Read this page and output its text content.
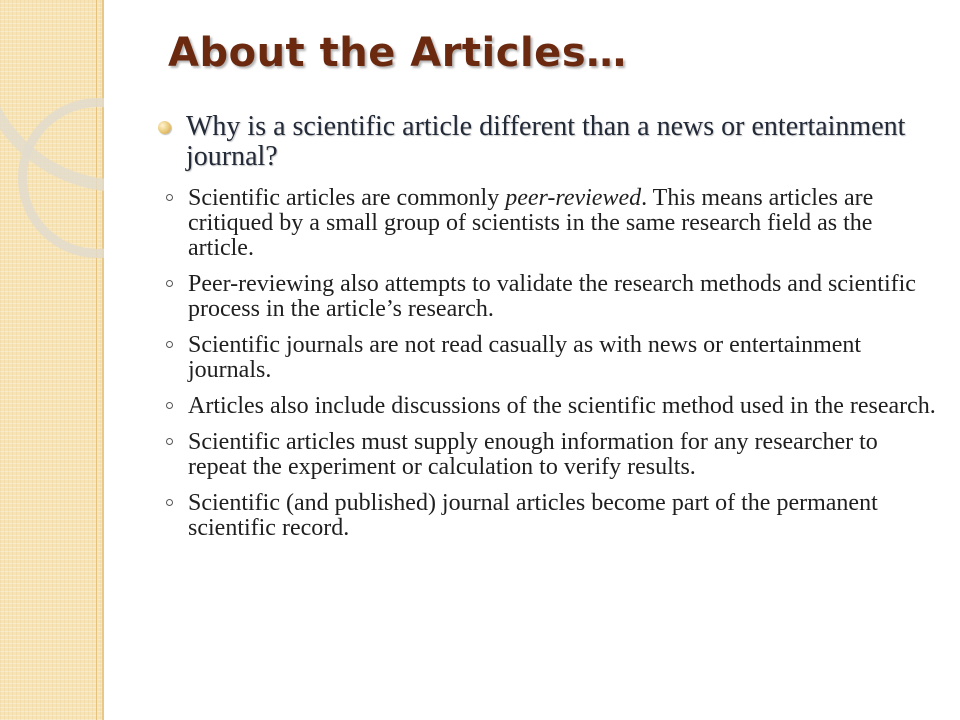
About the Articles…
Why is a scientific article different than a news or entertainment journal?
Scientific articles are commonly peer-reviewed. This means articles are critiqued by a small group of scientists in the same research field as the article.
Peer-reviewing also attempts to validate the research methods and scientific process in the article’s research.
Scientific journals are not read casually as with news or entertainment journals.
Articles also include discussions of the scientific method used in the research.
Scientific articles must supply enough information for any researcher to repeat the experiment or calculation to verify results.
Scientific (and published) journal articles become part of the permanent scientific record.
